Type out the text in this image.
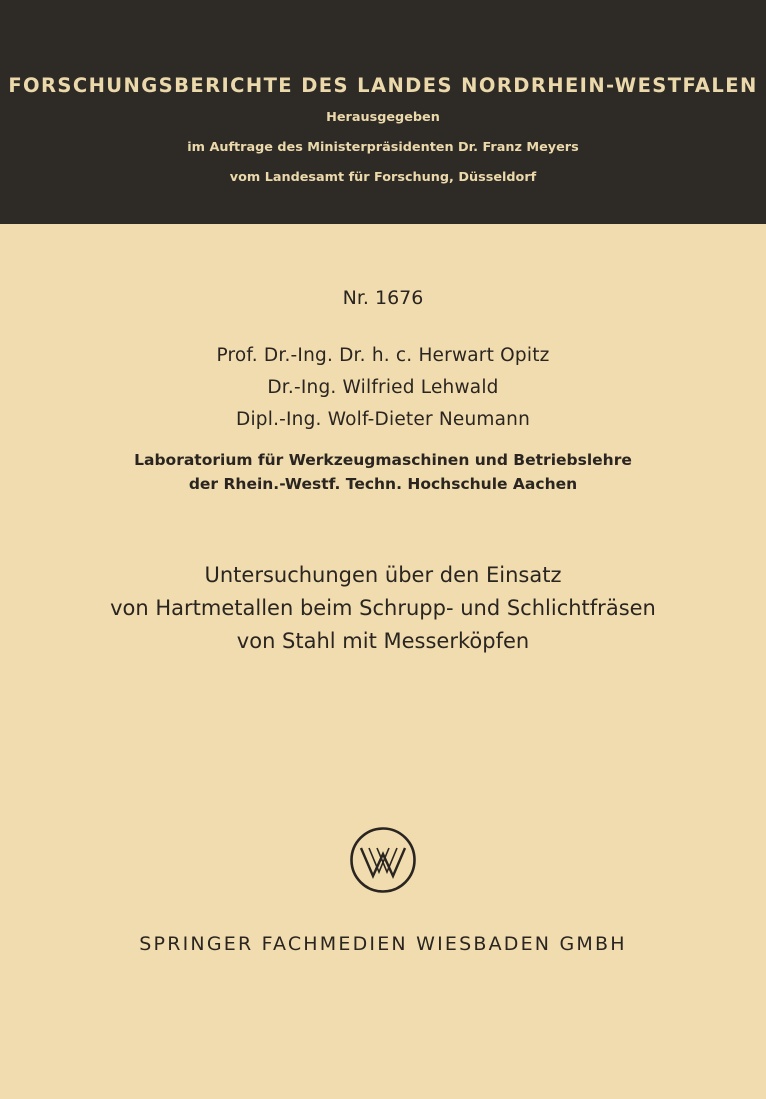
FORSCHUNGSBERICHTE DES LANDES NORDRHEIN-WESTFALEN
Herausgegeben
im Auftrage des Ministerpräsidenten Dr. Franz Meyers
vom Landesamt für Forschung, Düsseldorf
Nr. 1676
Prof. Dr.-Ing. Dr. h. c. Herwart Opitz
Dr.-Ing. Wilfried Lehwald
Dipl.-Ing. Wolf-Dieter Neumann
Laboratorium für Werkzeugmaschinen und Betriebslehre
der Rhein.-Westf. Techn. Hochschule Aachen
Untersuchungen über den Einsatz
von Hartmetallen beim Schrupp- und Schlichtfräsen
von Stahl mit Messerköpfen
SPRINGER FACHMEDIEN WIESBADEN GMBH
